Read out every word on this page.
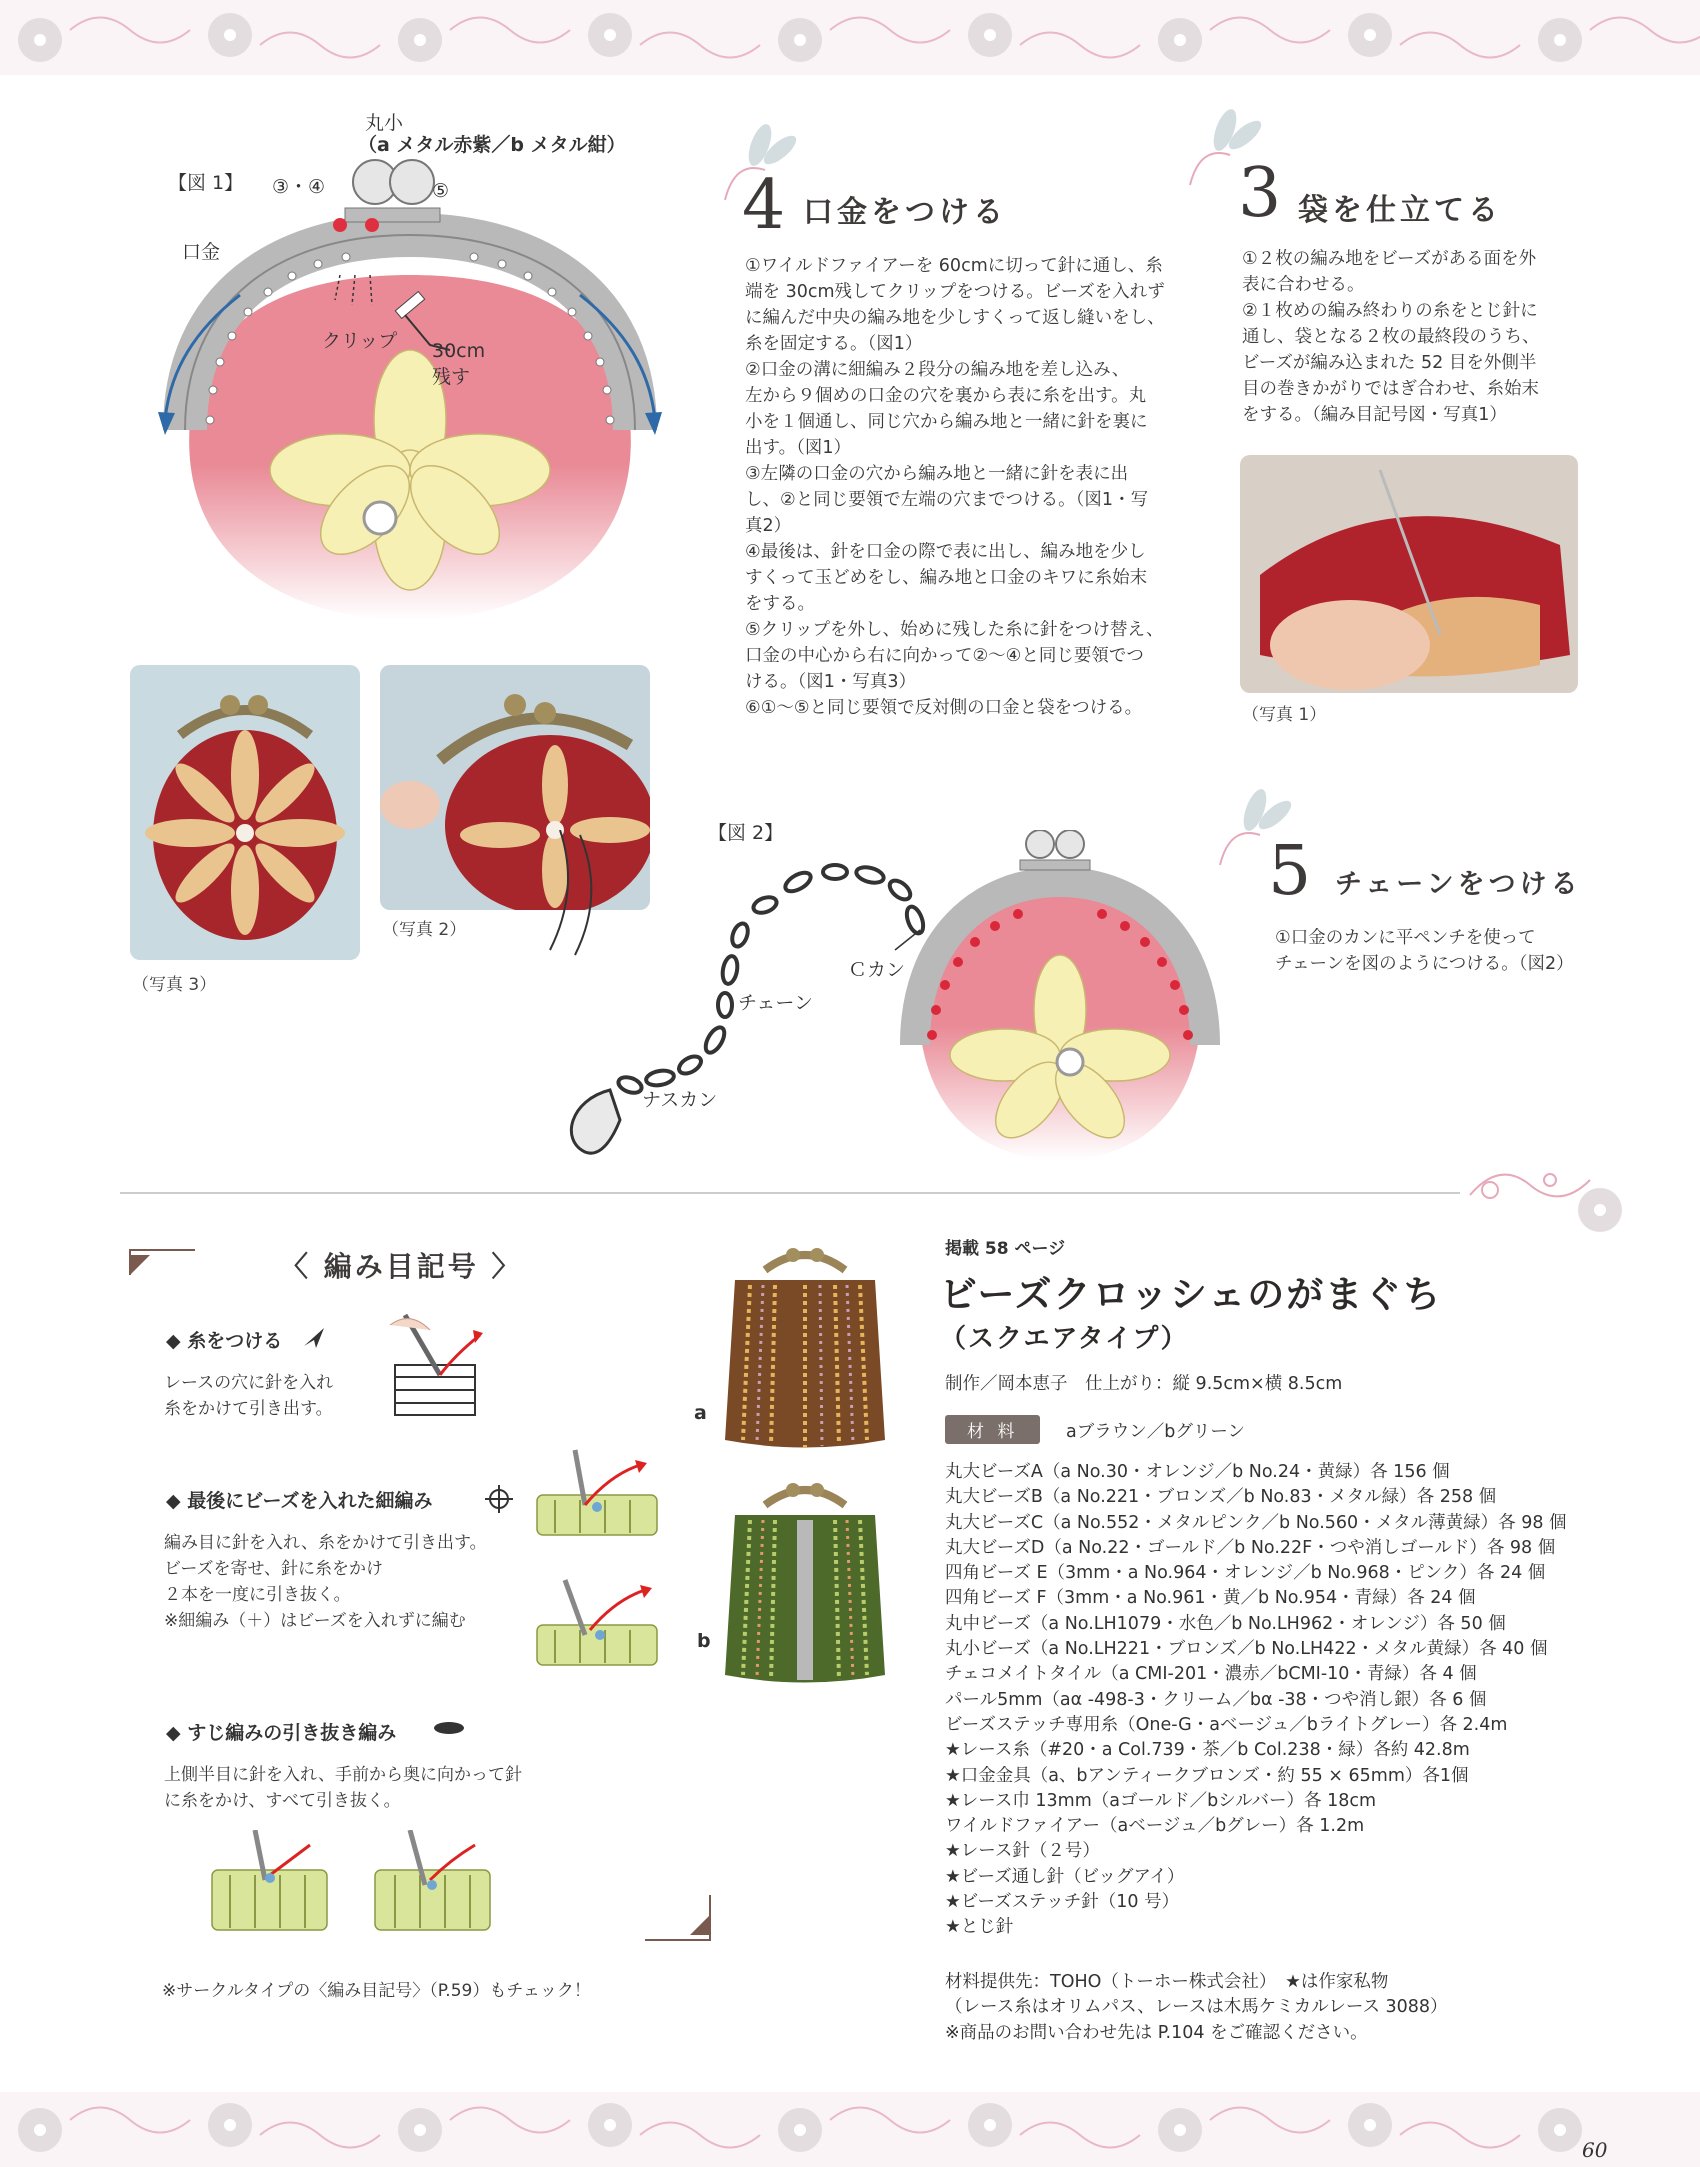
【図 1】
丸小
（a メタル赤紫／b メタル紺）
③・④	⑤
口金
クリップ 30cm
残す
（写真 3）
（写真 2）
4 口金をつける

①ワイルドファイアーを 60cmに切って針に通し、糸

端を 30cm残してクリップをつける。ビーズを入れず

に編んだ中央の編み地を少しすくって返し縫いをし、

糸を固定する。（図1）

②口金の溝に細編み２段分の編み地を差し込み、

左から９個めの口金の穴を裏から表に糸を出す。丸

小を１個通し、同じ穴から編み地と一緒に針を裏に

出す。（図1）

③左隣の口金の穴から編み地と一緒に針を表に出

し、②と同じ要領で左端の穴までつける。（図1・写

真2）

④最後は、針を口金の際で表に出し、編み地を少し

すくって玉どめをし、編み地と口金のキワに糸始末

をする。

⑤クリップを外し、始めに残した糸に針をつけ替え、

口金の中心から右に向かって②～④と同じ要領でつ

ける。（図1・写真3）

⑥①～⑤と同じ要領で反対側の口金と袋をつける。

3 袋を仕立てる

①２枚の編み地をビーズがある面を外

表に合わせる。

②１枚めの編み終わりの糸をとじ針に

通し、袋となる２枚の最終段のうち、

ビーズが編み込まれた 52 目を外側半

目の巻きかがりではぎ合わせ、糸始末

をする。（編み目記号図・写真1）

（写真 1）
【図 2】
Ｃカン
チェーン
ナスカン
5 チェーンをつける

①口金のカンに平ペンチを使って

チェーンを図のようにつける。（図2）

〈 編み目記号 〉
◆ 糸をつける

レースの穴に針を入れ

糸をかけて引き出す。

◆ 最後にビーズを入れた細編み

編み目に針を入れ、糸をかけて引き出す。

ビーズを寄せ、針に糸をかけ

２本を一度に引き抜く。

※細編み（＋）はビーズを入れずに編む

◆ すじ編みの引き抜き編み

上側半目に針を入れ、手前から奥に向かって針

に糸をかけ、すべて引き抜く。

※サークルタイプの〈編み目記号〉（P.59）もチェック！
a
b
掲載 58 ページ
ビーズクロッシェのがまぐち
（スクエアタイプ）
制作／岡本恵子　仕上がり：縦 9.5cm×横 8.5cm
材 料	aブラウン／bグリーン

丸大ビーズA（a No.30・オレンジ／b No.24・黄緑）各 156 個

丸大ビーズB（a No.221・ブロンズ／b No.83・メタル緑）各 258 個

丸大ビーズC（a No.552・メタルピンク／b No.560・メタル薄黄緑）各 98 個

丸大ビーズD（a No.22・ゴールド／b No.22F・つや消しゴールド）各 98 個

四角ビーズ E（3mm・a No.964・オレンジ／b No.968・ピンク）各 24 個

四角ビーズ F（3mm・a No.961・黄／b No.954・青緑）各 24 個

丸中ビーズ（a No.LH1079・水色／b No.LH962・オレンジ）各 50 個

丸小ビーズ（a No.LH221・ブロンズ／b No.LH422・メタル黄緑）各 40 個

チェコメイトタイル（a CMI-201・濃赤／bCMI-10・青緑）各 4 個

パール5mm（aα -498-3・クリーム／bα -38・つや消し銀）各 6 個

ビーズステッチ専用糸（One-G・aベージュ／bライトグレー）各 2.4m

★レース糸（#20・a Col.739・茶／b Col.238・緑）各約 42.8m

★口金金具（a、bアンティークブロンズ・約 55 × 65mm）各1個

★レース巾 13mm（aゴールド／bシルバー）各 18cm

ワイルドファイアー（aベージュ／bグレー）各 1.2m

★レース針（２号）

★ビーズ通し針（ビッグアイ）

★ビーズステッチ針（10 号）

★とじ針

材料提供先：TOHO（トーホー株式会社）　★は作家私物

（レース糸はオリムパス、レースは木馬ケミカルレース 3088）

※商品のお問い合わせ先は P.104 をご確認ください。

60
